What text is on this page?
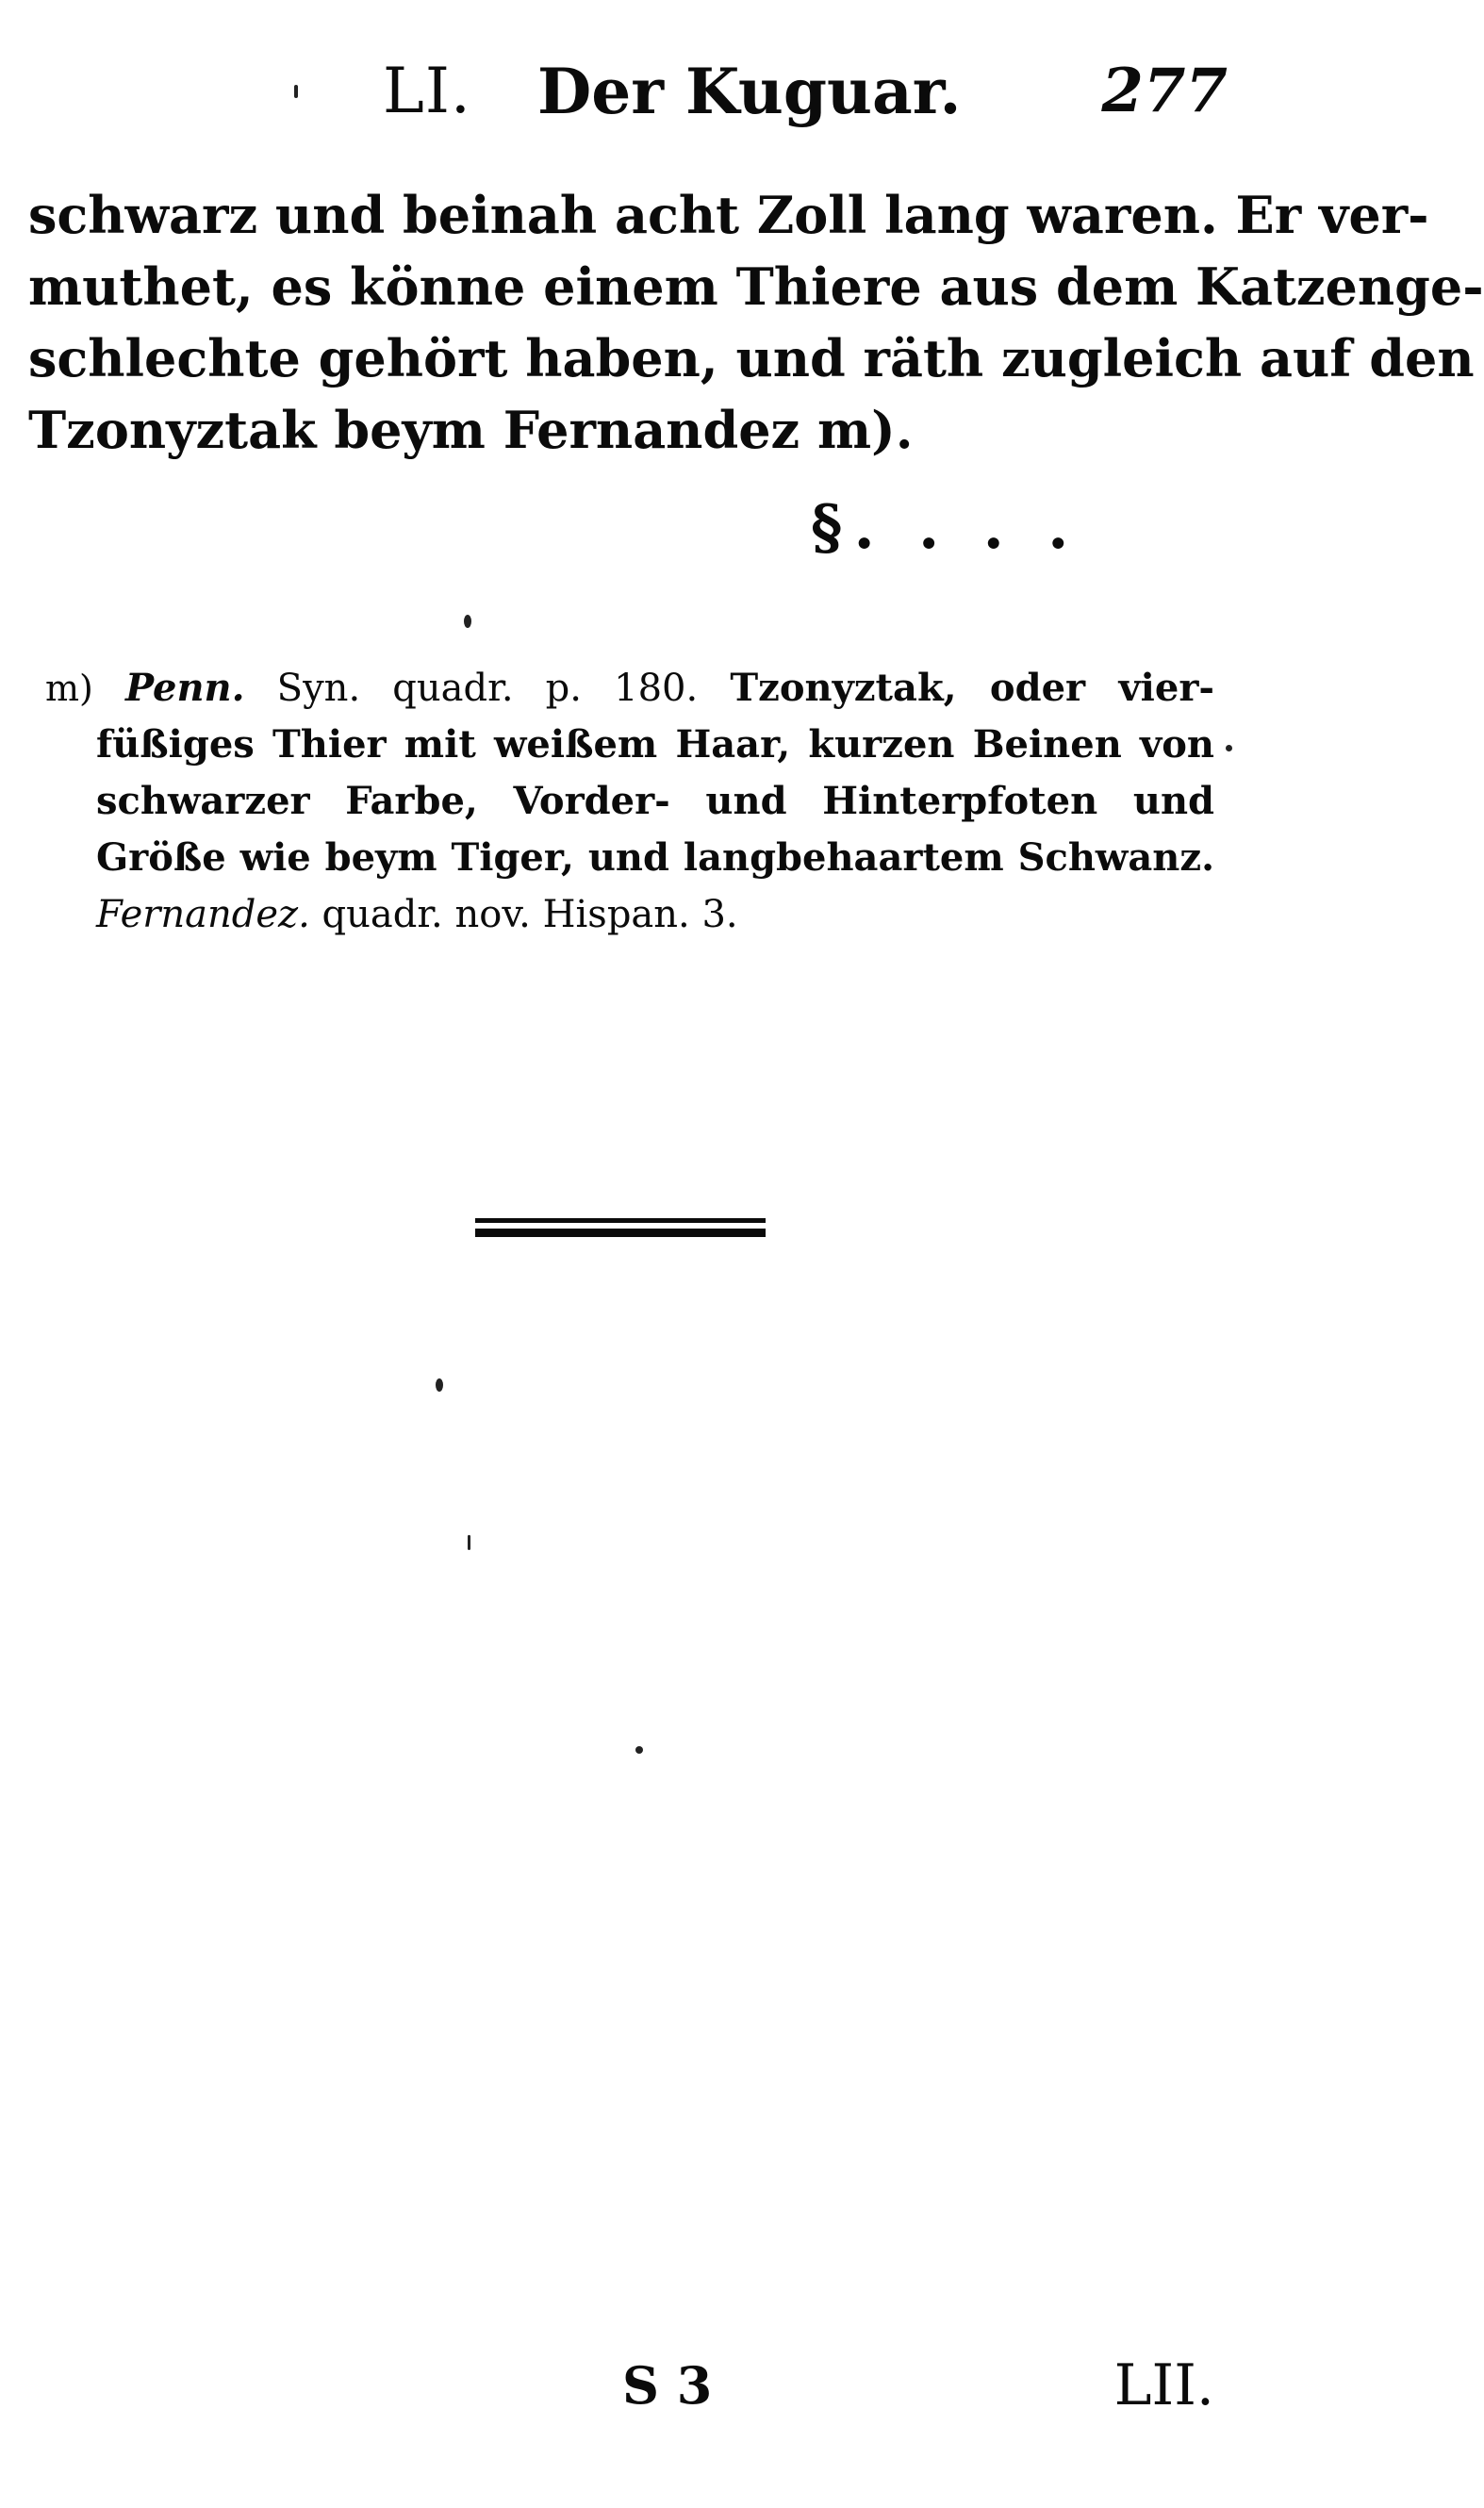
LI. Der Kuguar. 277
schwarz und beinah acht Zoll lang waren. Er ver-
muthet, es könne einem Thiere aus dem Katzenge-
schlechte gehört haben, und räth zugleich auf den
Tzonyztak beym Fernandez m).
§. . . .
m) Penn. Syn. quadr. p. 180. Tzonyztak, oder vier-
füßiges Thier mit weißem Haar, kurzen Beinen von
schwarzer Farbe, Vorder- und Hinterpfoten und
Größe wie beym Tiger, und langbehaartem Schwanz.
Fernandez. quadr. nov. Hispan. 3.
S 3	LII.
